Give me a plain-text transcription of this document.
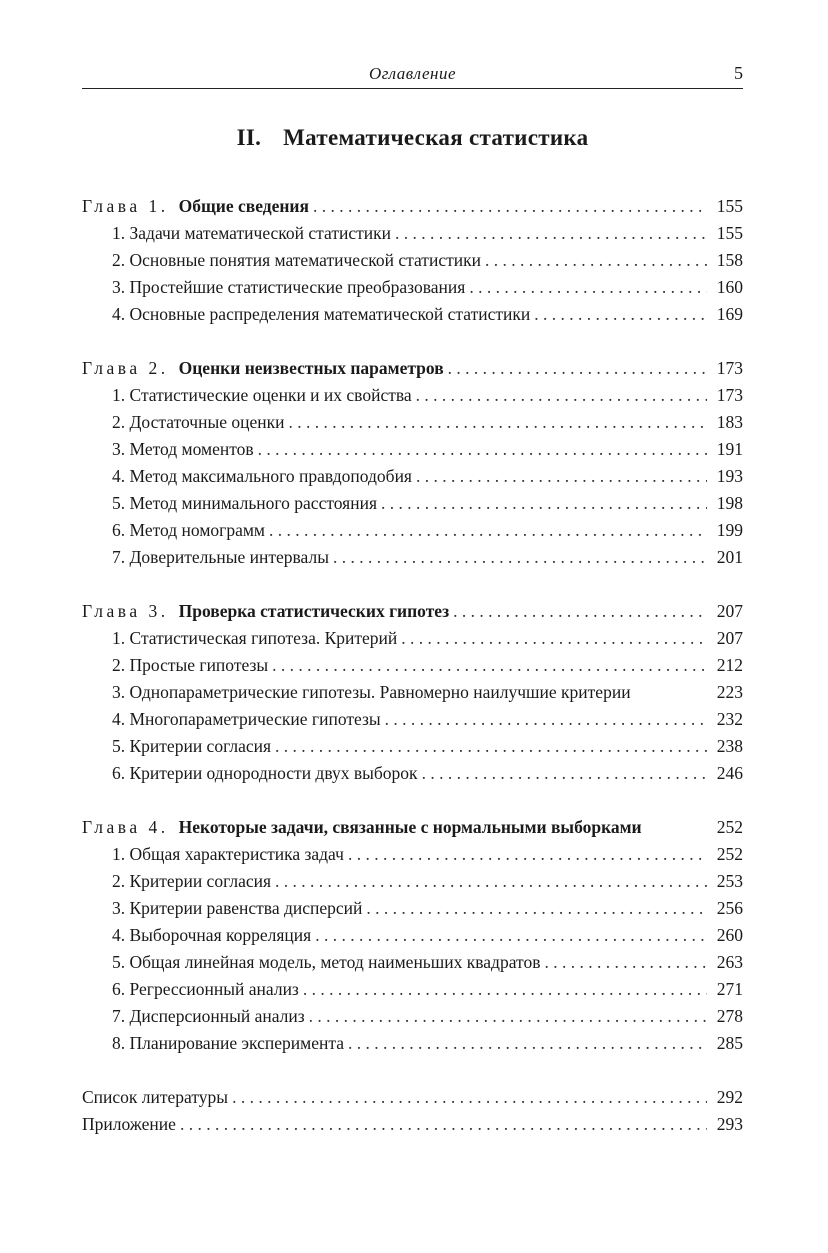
Оглавление	5
II. Математическая статистика
Глава 1. Общие сведения . . .	155
1. Задачи математической статистики . . .	155
2. Основные понятия математической статистики . . .	158
3. Простейшие статистические преобразования . . .	160
4. Основные распределения математической статистики . . .	169
Глава 2. Оценки неизвестных параметров . . .	173
1. Статистические оценки и их свойства . . .	173
2. Достаточные оценки . . .	183
3. Метод моментов . . .	191
4. Метод максимального правдоподобия . . .	193
5. Метод минимального расстояния . . .	198
6. Метод номограмм . . .	199
7. Доверительные интервалы . . .	201
Глава 3. Проверка статистических гипотез . . .	207
1. Статистическая гипотеза. Критерий . . .	207
2. Простые гипотезы . . .	212
3. Однопараметрические гипотезы. Равномерно наилучшие критерии	223
4. Многопараметрические гипотезы . . .	232
5. Критерии согласия . . .	238
6. Критерии однородности двух выборок . . .	246
Глава 4. Некоторые задачи, связанные с нормальными выборками	252
1. Общая характеристика задач . . .	252
2. Критерии согласия . . .	253
3. Критерии равенства дисперсий . . .	256
4. Выборочная корреляция . . .	260
5. Общая линейная модель, метод наименьших квадратов . . .	263
6. Регрессионный анализ . . .	271
7. Дисперсионный анализ . . .	278
8. Планирование эксперимента . . .	285
Список литературы . . .	292
Приложение . . .	293
